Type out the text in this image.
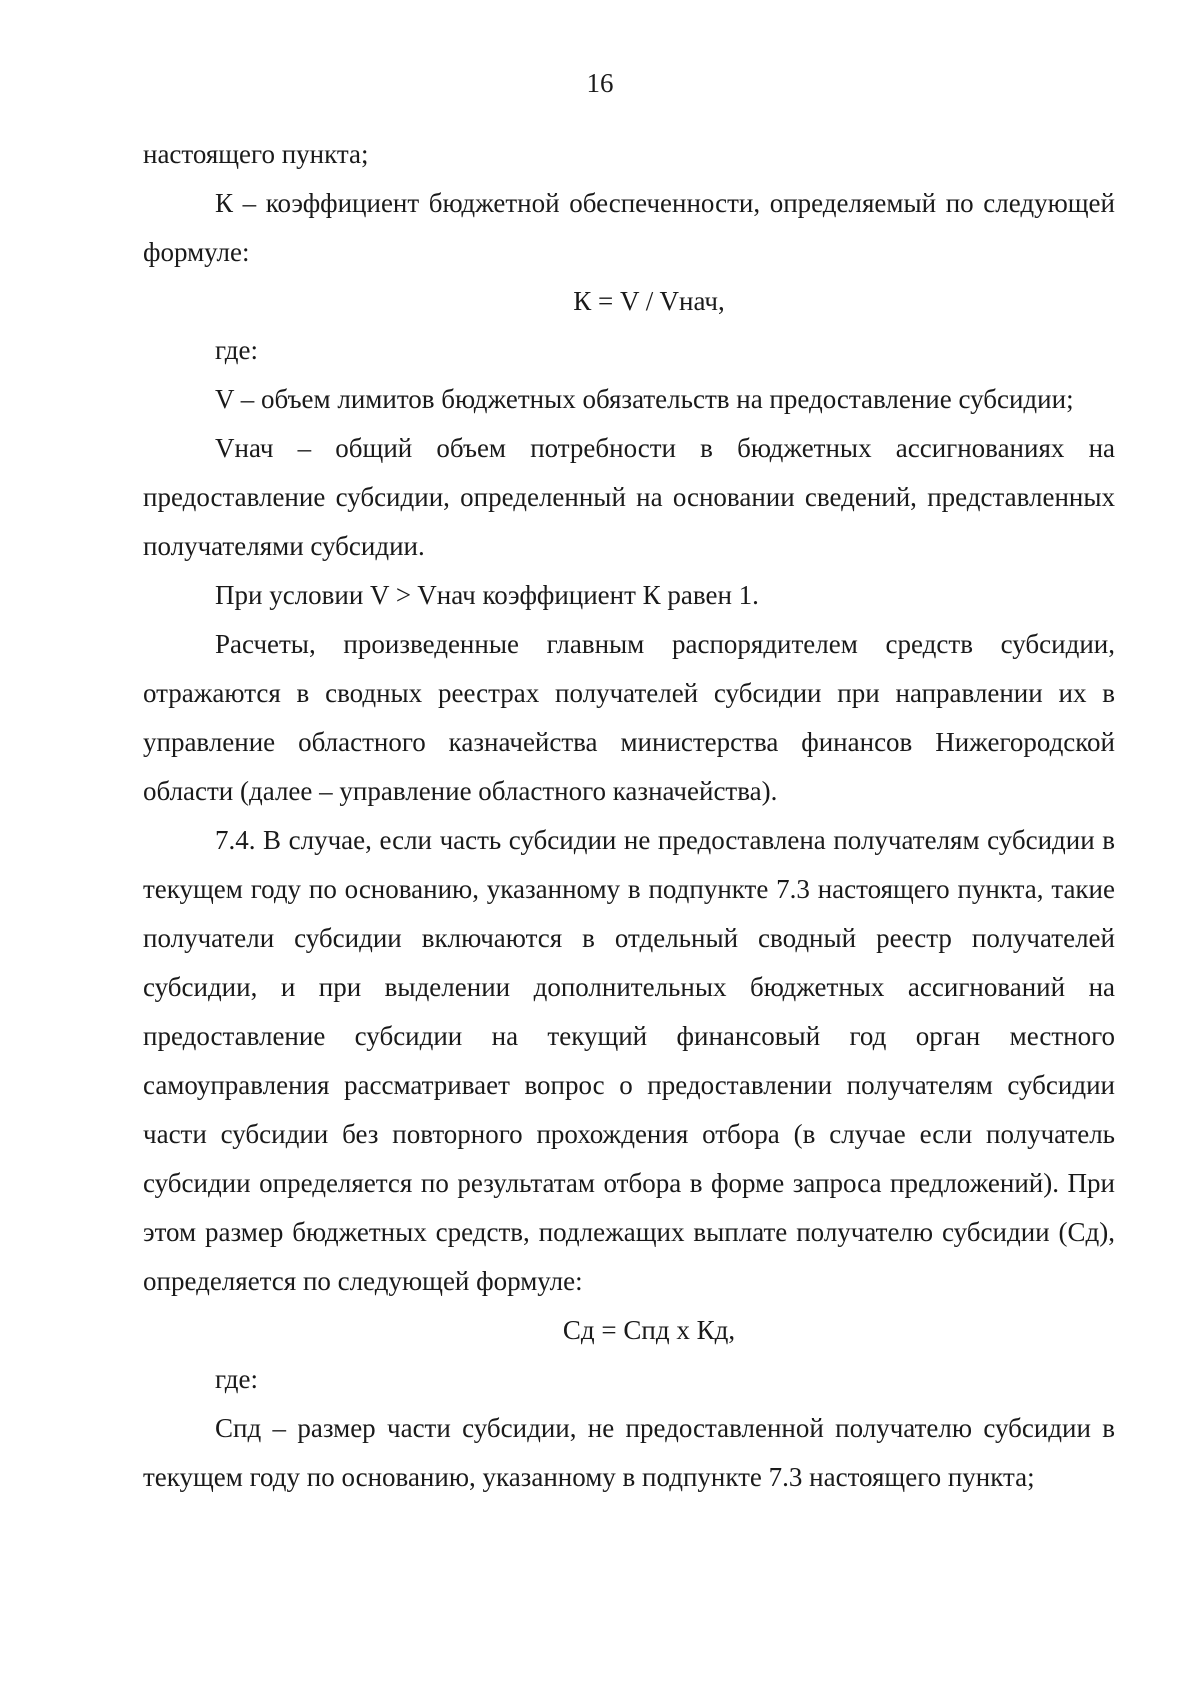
16

настоящего пункта;

К – коэффициент бюджетной обеспеченности, определяемый по следующей формуле:

К = V / Vнач,

где:

V – объем лимитов бюджетных обязательств на предоставление субсидии;

Vнач – общий объем потребности в бюджетных ассигнованиях на предоставление субсидии, определенный на основании сведений, представленных получателями субсидии.

При условии V > Vнач коэффициент К равен 1.

Расчеты, произведенные главным распорядителем средств субсидии, отражаются в сводных реестрах получателей субсидии при направлении их в управление областного казначейства министерства финансов Нижегородской области (далее – управление областного казначейства).

7.4. В случае, если часть субсидии не предоставлена получателям субсидии в текущем году по основанию, указанному в подпункте 7.3 настоящего пункта, такие получатели субсидии включаются в отдельный сводный реестр получателей субсидии, и при выделении дополнительных бюджетных ассигнований на предоставление субсидии на текущий финансовый год орган местного самоуправления рассматривает вопрос о предоставлении получателям субсидии части субсидии без повторного прохождения отбора (в случае если получатель субсидии определяется по результатам отбора в форме запроса предложений). При этом размер бюджетных средств, подлежащих выплате получателю субсидии (Сд), определяется по следующей формуле:

Сд = Спд х Кд,

где:

Спд – размер части субсидии, не предоставленной получателю субсидии в текущем году по основанию, указанному в подпункте 7.3 настоящего пункта;
